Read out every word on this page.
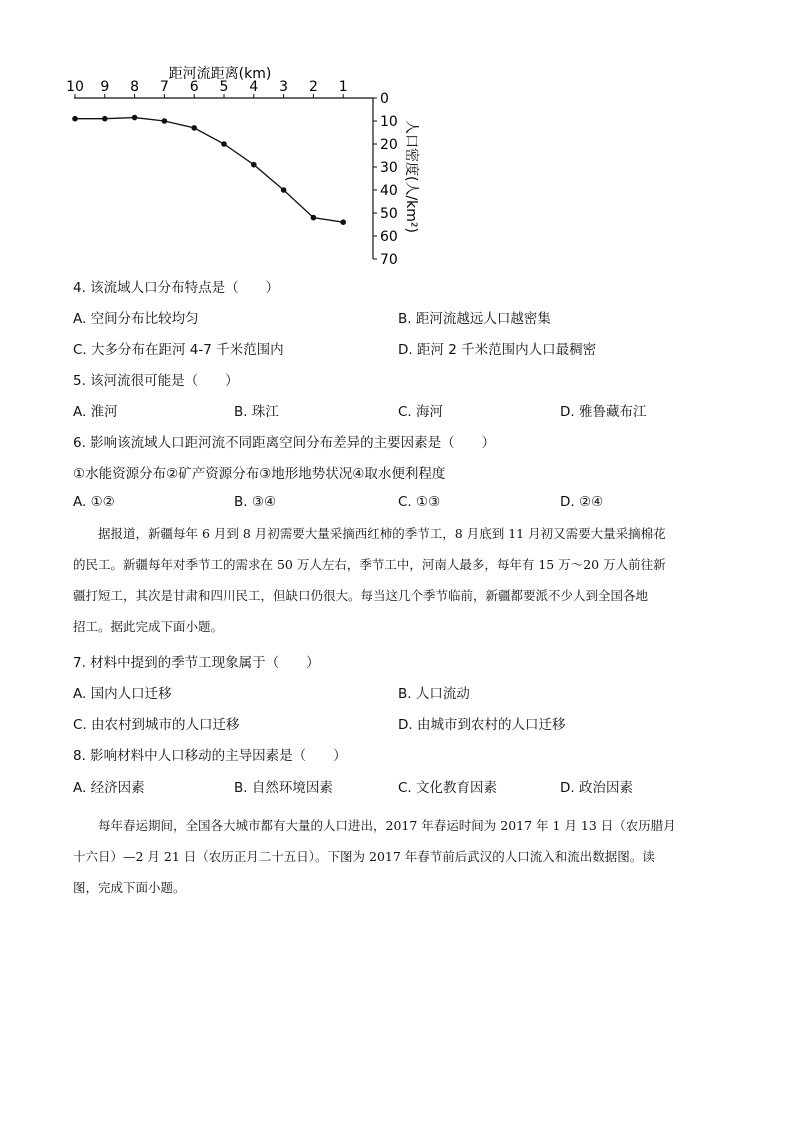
距河流距离(km)
10 9 8 7 6 5 4 3 2 1
0
10
20
30
40
50
60
70
人口密度(人/km²)
4. 该流域人口分布特点是（　　）
A. 空间分布比较均匀	B. 距河流越远人口越密集
C. 大多分布在距河 4-7 千米范围内	D. 距河 2 千米范围内人口最稠密
5. 该河流很可能是（　　）
A. 淮河	B. 珠江	C. 海河	D. 雅鲁藏布江
6. 影响该流域人口距河流不同距离空间分布差异的主要因素是（　　）
①水能资源分布②矿产资源分布③地形地势状况④取水便利程度
A. ①②	B. ③④	C. ①③	D. ②④
　　据报道，新疆每年 6 月到 8 月初需要大量采摘西红柿的季节工，8 月底到 11 月初又需要大量采摘棉花
的民工。新疆每年对季节工的需求在 50 万人左右，季节工中，河南人最多，每年有 15 万～20 万人前往新
疆打短工，其次是甘肃和四川民工，但缺口仍很大。每当这几个季节临前，新疆都要派不少人到全国各地
招工。据此完成下面小题。
7. 材料中提到的季节工现象属于（　　）
A. 国内人口迁移	B. 人口流动
C. 由农村到城市的人口迁移	D. 由城市到农村的人口迁移
8. 影响材料中人口移动的主导因素是（　　）
A. 经济因素	B. 自然环境因素	C. 文化教育因素	D. 政治因素
　　每年春运期间，全国各大城市都有大量的人口进出，2017 年春运时间为 2017 年 1 月 13 日（农历腊月
十六日）—2 月 21 日（农历正月二十五日）。下图为 2017 年春节前后武汉的人口流入和流出数据图。读
图，完成下面小题。
